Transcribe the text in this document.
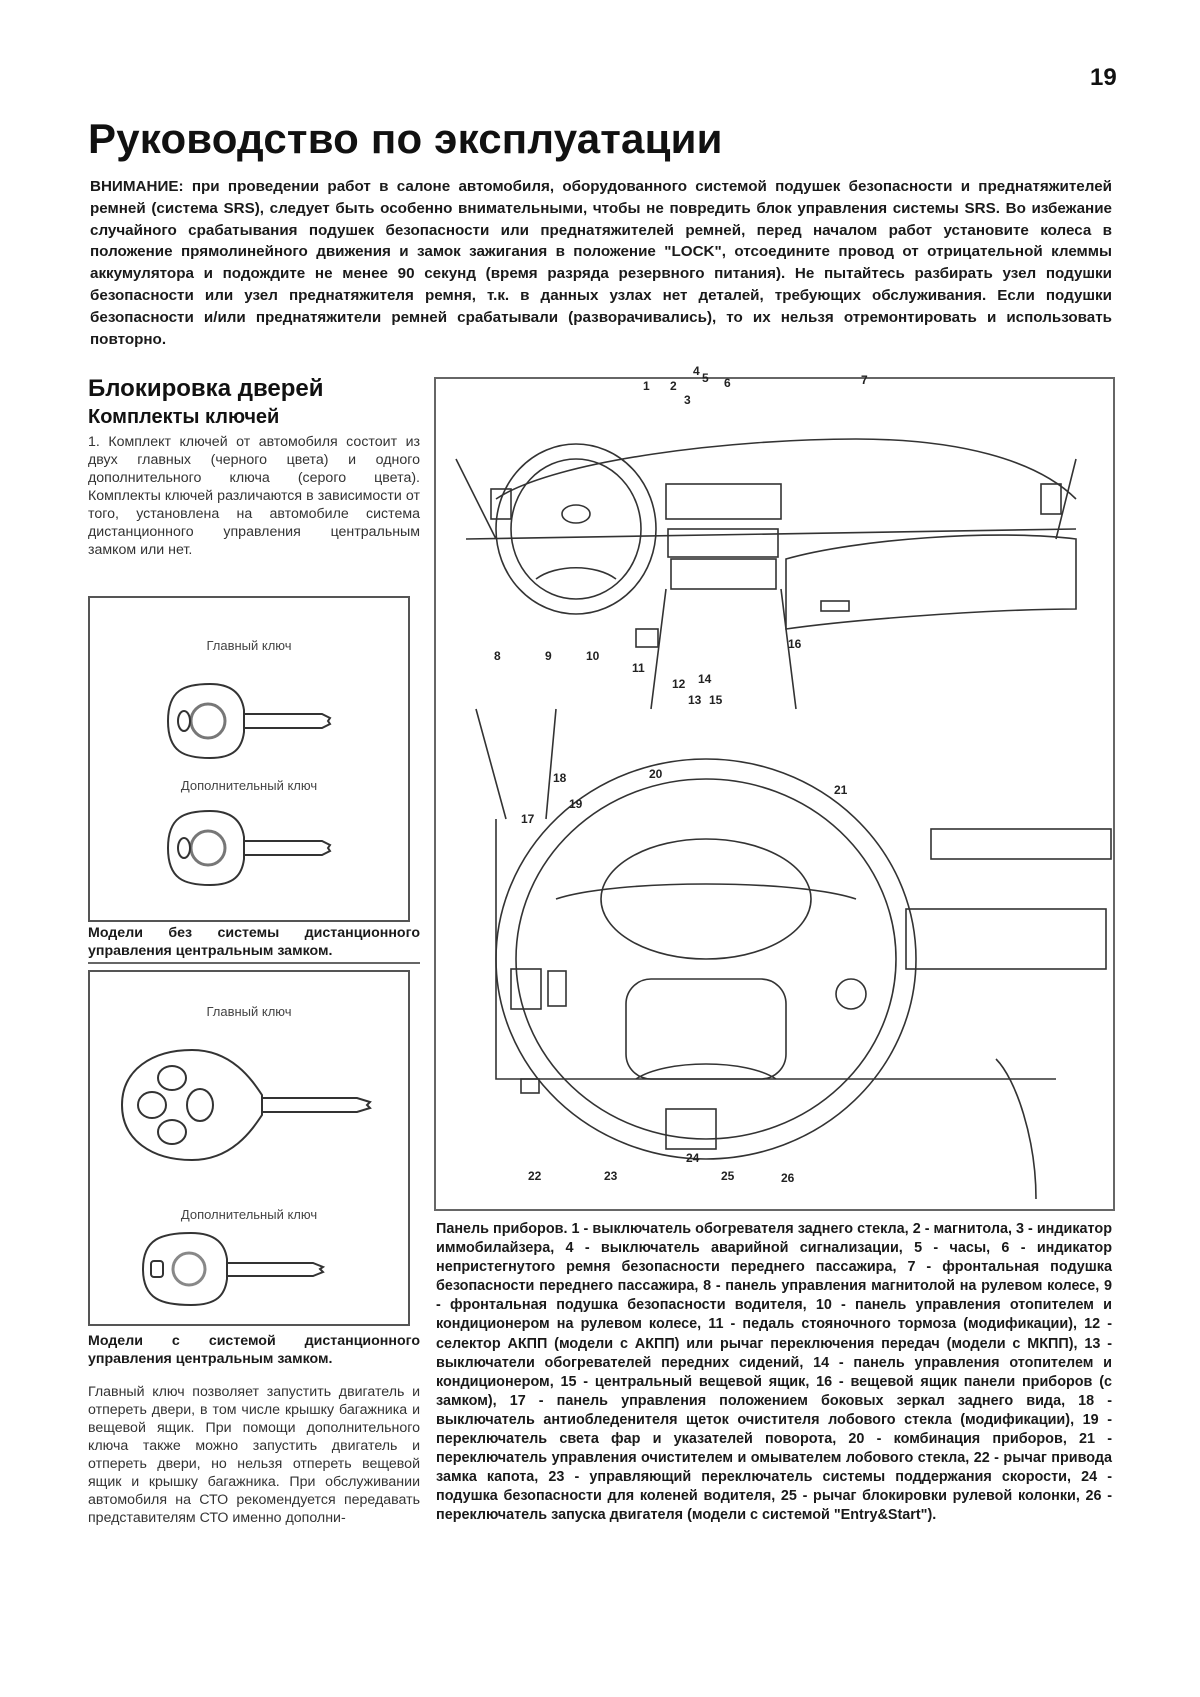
19
Руководство по эксплуатации

ВНИМАНИЕ: при проведении работ в салоне автомобиля, оборудованного системой подушек безопасности и преднатяжителей ремней (система SRS), следует быть особенно внимательными, чтобы не повредить блок управления системы SRS. Во избежание случайного срабатывания подушек безопасности или преднатяжителей ремней, перед началом работ установите колеса в положение прямолинейного движения и замок зажигания в положение "LOCK", отсоедините провод от отрицательной клеммы аккумулятора и подождите не менее 90 секунд (время разряда резервного питания). Не пытайтесь разбирать узел подушки безопасности или узел преднатяжителя ремня, т.к. в данных узлах нет деталей, требующих обслуживания. Если подушки безопасности и/или преднатяжители ремней срабатывали (разворачивались), то их нельзя отремонтировать и использовать повторно.

Блокировка дверей
Комплекты ключей

1. Комплект ключей от автомобиля состоит из двух главных (черного цвета) и одного дополнительного ключа (серого цвета). Комплекты ключей различаются в зависимости от того, установлена на автомобиле система дистанционного управления центральным замком или нет.

Главный ключ
Дополнительный ключ
Модели без системы дистанционного управления центральным замком.
Главный ключ
Дополнительный ключ
Модели с системой дистанционного управления центральным замком.

Главный ключ позволяет запустить двигатель и отпереть двери, в том числе крышку багажника и вещевой ящик. При помощи дополнительного ключа также можно запустить двигатель и отпереть двери, но нельзя отпереть вещевой ящик и крышку багажника. При обслуживании автомобиля на СТО рекомендуется передавать представителям СТО именно дополни-

1 2
3
4 5 6	7
8	9	10
11
12
13
14
15
16
17
18
19
20
21
22	23
24
25	26

Панель приборов. 1 - выключатель обогревателя заднего стекла, 2 - магнитола, 3 - индикатор иммобилайзера, 4 - выключатель аварийной сигнализации, 5 - часы, 6 - индикатор непристегнутого ремня безопасности переднего пассажира, 7 - фронтальная подушка безопасности переднего пассажира, 8 - панель управления магнитолой на рулевом колесе, 9 - фронтальная подушка безопасности водителя, 10 - панель управления отопителем и кондиционером на рулевом колесе, 11 - педаль стояночного тормоза (модификации), 12 - селектор АКПП (модели с АКПП) или рычаг переключения передач (модели с МКПП), 13 - выключатели обогревателей передних сидений, 14 - панель управления отопителем и кондиционером, 15 - центральный вещевой ящик, 16 - вещевой ящик панели приборов (с замком), 17 - панель управления положением боковых зеркал заднего вида, 18 - выключатель антиобледенителя щеток очистителя лобового стекла (модификации), 19 - переключатель света фар и указателей поворота, 20 - комбинация приборов, 21 - переключатель управления очистителем и омывателем лобового стекла, 22 - рычаг привода замка капота, 23 - управляющий переключатель системы поддержания скорости, 24 - подушка безопасности для коленей водителя, 25 - рычаг блокировки рулевой колонки, 26 - переключатель запуска двигателя (модели с системой "Entry&Start").
